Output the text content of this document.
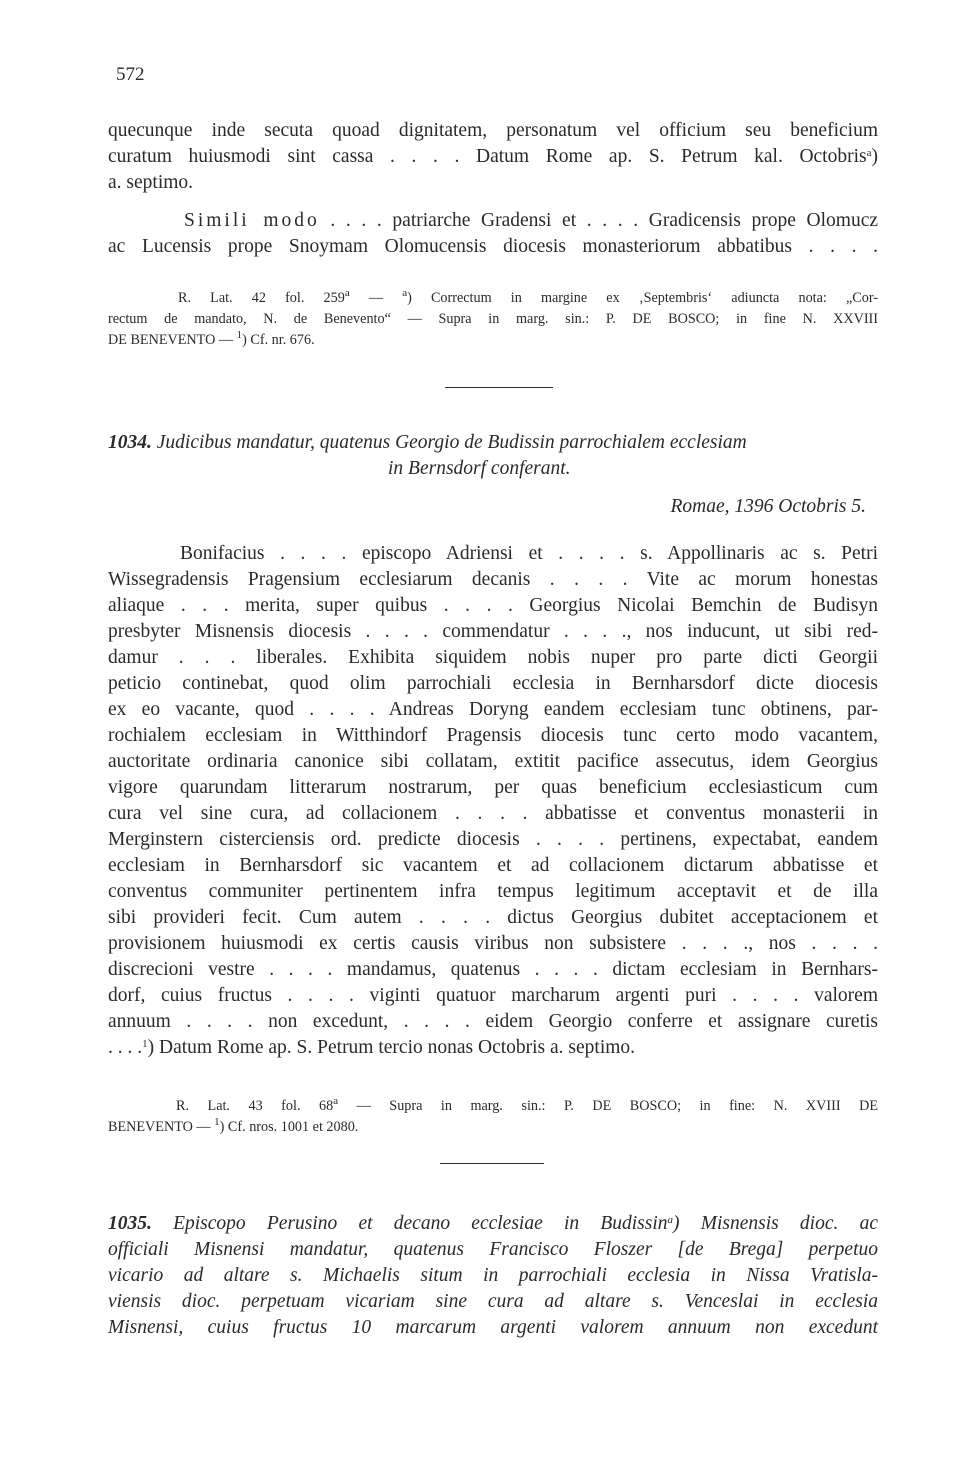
572
quecunque inde secuta quoad dignitatem, personatum vel officium seu beneficium
curatum huiusmodi sint cassa . . . . Datum Rome ap. S. Petrum kal. Octobris$^a$)
a. septimo.
Simili modo . . . . patriarche Gradensi et . . . . Gradicensis prope Olomucz
ac Lucensis prope Snoymam Olomucensis diocesis monasteriorum abbatibus . . . .
R. Lat. 42 fol. 259$^a$ — $^a$) Correctum in margine ex ‚Septembris‘ adiuncta nota: „Cor-
rectum de mandato, N. de Benevento“ — Supra in marg. sin.: P. DE BOSCO; in fine N. XXVIII
DE BENEVENTO — $^1$) Cf. nr. 676.
1034. Judicibus mandatur, quatenus Georgio de Budissin parrochialem ecclesiam
in Bernsdorf conferant.
Romae, 1396 Octobris 5.
Bonifacius . . . . episcopo Adriensi et . . . . s. Appollinaris ac s. Petri
Wissegradensis Pragensium ecclesiarum decanis . . . . Vite ac morum honestas
aliaque . . . merita, super quibus . . . . Georgius Nicolai Bemchin de Budisyn
presbyter Misnensis diocesis . . . . commendatur . . . ., nos inducunt, ut sibi red-
damur . . . liberales. Exhibita siquidem nobis nuper pro parte dicti Georgii
peticio continebat, quod olim parrochiali ecclesia in Bernharsdorf dicte diocesis
ex eo vacante, quod . . . . Andreas Doryng eandem ecclesiam tunc obtinens, par-
rochialem ecclesiam in Witthindorf Pragensis diocesis tunc certo modo vacantem,
auctoritate ordinaria canonice sibi collatam, extitit pacifice assecutus, idem Georgius
vigore quarundam litterarum nostrarum, per quas beneficium ecclesiasticum cum
cura vel sine cura, ad collacionem . . . . abbatisse et conventus monasterii in
Merginstern cisterciensis ord. predicte diocesis . . . . pertinens, expectabat, eandem
ecclesiam in Bernharsdorf sic vacantem et ad collacionem dictarum abbatisse et
conventus communiter pertinentem infra tempus legitimum acceptavit et de illa
sibi provideri fecit. Cum autem . . . . dictus Georgius dubitet acceptacionem et
provisionem huiusmodi ex certis causis viribus non subsistere . . . ., nos . . . .
discrecioni vestre . . . . mandamus, quatenus . . . . dictam ecclesiam in Bernhars-
dorf, cuius fructus . . . . viginti quatuor marcharum argenti puri . . . . valorem
annuum . . . . non excedunt, . . . . eidem Georgio conferre et assignare curetis
. . . .$^1$) Datum Rome ap. S. Petrum tercio nonas Octobris a. septimo.
R. Lat. 43 fol. 68$^a$ — Supra in marg. sin.: P. DE BOSCO; in fine: N. XVIII DE
BENEVENTO — $^1$) Cf. nros. 1001 et 2080.
1035. Episcopo Perusino et decano ecclesiae in Budissin$^a$) Misnensis dioc. ac
officiali Misnensi mandatur, quatenus Francisco Floszer [de Brega] perpetuo
vicario ad altare s. Michaelis situm in parrochiali ecclesia in Nissa Vratisla-
viensis dioc. perpetuam vicariam sine cura ad altare s. Venceslai in ecclesia
Misnensi, cuius fructus 10 marcarum argenti valorem annuum non excedunt
